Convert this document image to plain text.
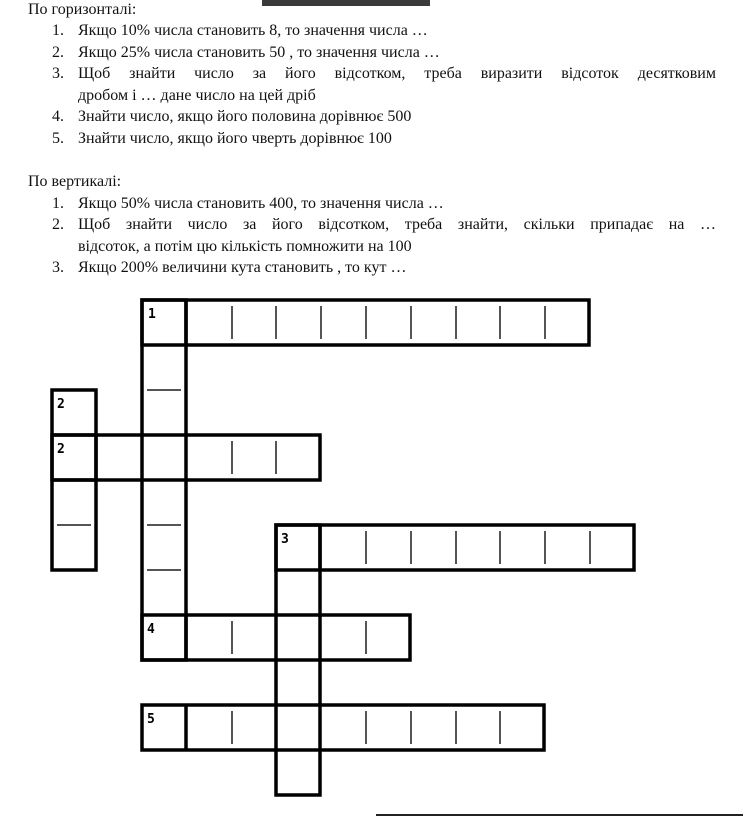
По горизонталі:
1. Якщо 10% числа становить 8, то значення числа …
2. Якщо 25% числа становить 50 , то значення числа …
3. Щоб знайти число за його відсотком, треба виразити відсоток десятковим
дробом і … дане число на цей дріб
4. Знайти число, якщо його половина дорівнює 500
5. Знайти число, якщо його чверть дорівнює 100
По вертикалі:
1. Якщо 50% числа становить 400, то значення числа …
2. Щоб знайти число за його відсотком, треба знайти, скільки припадає на …
відсоток, а потім цю кількість помножити на 100
3. Якщо 200% величини кута становить , то кут …
1
2
2
3
4
5
